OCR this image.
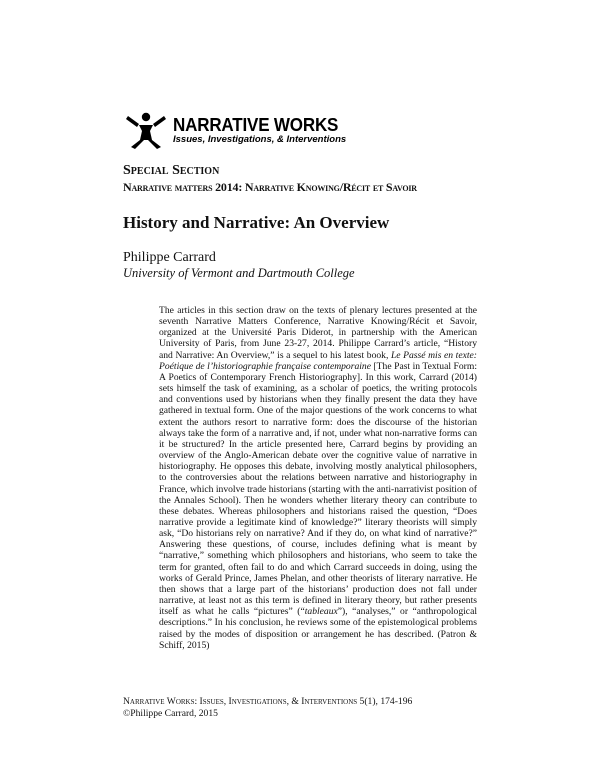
NARRATIVE WORKS
Issues, Investigations, & Interventions
Special Section
Narrative matters 2014: Narrative Knowing/Récit et Savoir
History and Narrative: An Overview
Philippe Carrard
University of Vermont and Dartmouth College
The articles in this section draw on the texts of plenary lectures presented at the seventh Narrative Matters Conference, Narrative Knowing/Récit et Savoir, organized at the Université Paris Diderot, in partnership with the American University of Paris, from June 23-27, 2014. Philippe Carrard’s article, “History and Narrative: An Overview,” is a sequel to his latest book, Le Passé mis en texte: Poétique de l’historiographie française contemporaine [The Past in Textual Form: A Poetics of Contemporary French Historiography]. In this work, Carrard (2014) sets himself the task of examining, as a scholar of poetics, the writing protocols and conventions used by historians when they finally present the data they have gathered in textual form. One of the major questions of the work concerns to what extent the authors resort to narrative form: does the discourse of the historian always take the form of a narrative and, if not, under what non-narrative forms can it be structured? In the article presented here, Carrard begins by providing an overview of the Anglo-American debate over the cognitive value of narrative in historiography. He opposes this debate, involving mostly analytical philosophers, to the controversies about the relations between narrative and historiography in France, which involve trade historians (starting with the anti-narrativist position of the Annales School). Then he wonders whether literary theory can contribute to these debates. Whereas philosophers and historians raised the question, “Does narrative provide a legitimate kind of knowledge?” literary theorists will simply ask, “Do historians rely on narrative? And if they do, on what kind of narrative?” Answering these questions, of course, includes defining what is meant by “narrative,” something which philosophers and historians, who seem to take the term for granted, often fail to do and which Carrard succeeds in doing, using the works of Gerald Prince, James Phelan, and other theorists of literary narrative. He then shows that a large part of the historians’ production does not fall under narrative, at least not as this term is defined in literary theory, but rather presents itself as what he calls “pictures” (“tableaux”), “analyses,” or “anthropological descriptions.” In his conclusion, he reviews some of the epistemological problems raised by the modes of disposition or arrangement he has described. (Patron & Schiff, 2015)
Narrative Works: Issues, Investigations, & Interventions 5(1), 174-196
©Philippe Carrard, 2015
